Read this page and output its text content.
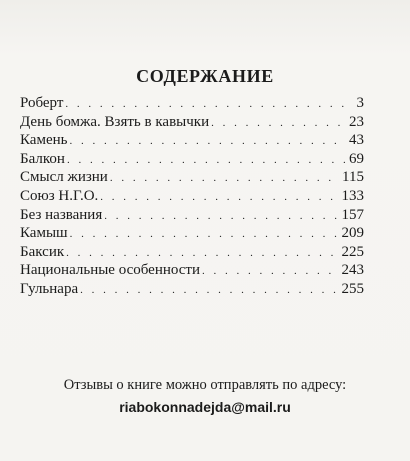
СОДЕРЖАНИЕ
Роберт . . .	3
День бомжа. Взять в кавычки . . .	23
Камень . . .	43
Балкон . . .	69
Смысл жизни . . .	115
Союз Н.Г.О. . . .	133
Без названия . . .	157
Камыш . . .	209
Баксик . . .	225
Национальные особенности . . .	243
Гульнара . . .	255
Отзывы о книге можно отправлять по адресу:
riabokonnadejda@mail.ru
